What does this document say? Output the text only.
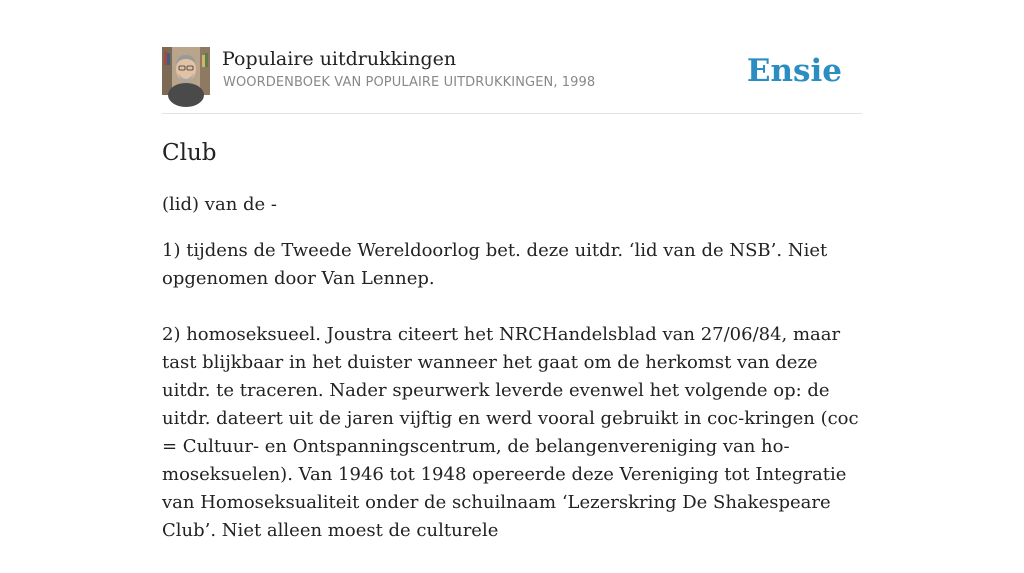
Populaire uitdrukkingen
WOORDENBOEK VAN POPULAIRE UITDRUKKINGEN, 1998	Ensie
Club
(lid) van de -

1) tijdens de Tweede Wereldoorlog bet. deze uitdr. ‘lid van de NSB’. Niet opgenomen door Van Lennep.

2) homoseksueel. Joustra citeert het NRCHandelsblad van 27/06/84, maar tast blijkbaar in het duister wanneer het gaat om de herkomst van deze uitdr. te traceren. Nader speurwerk leverde evenwel het volgende op: de uitdr. dateert uit de jaren vijftig en werd vooral gebruikt in coc-kringen (coc = Cultuur- en Ontspanningscentrum, de belangenvereniging van ho-moseksuelen). Van 1946 tot 1948 opereerde deze Vereniging tot Integratie van Homoseksualiteit onder de schuilnaam ‘Lezerskring De Shakespeare Club’. Niet alleen moest de culturele
